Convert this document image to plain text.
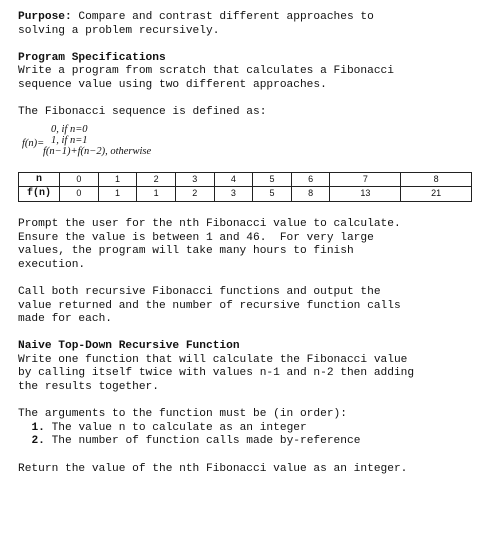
Purpose: Compare and contrast different approaches to
solving a problem recursively.
Program Specifications
Write a program from scratch that calculates a Fibonacci
sequence value using two different approaches.
The Fibonacci sequence is defined as:
f(n)=
0, if n=0
1, if n=1
f(n−1)+f(n−2), otherwise
n	0	1	2	3	4	5	6	7	8
f(n)	0	1	1	2	3	5	8	13	21
Prompt the user for the nth Fibonacci value to calculate.
Ensure the value is between 1 and 46.  For very large
values, the program will take many hours to finish
execution.
Call both recursive Fibonacci functions and output the
value returned and the number of recursive function calls
made for each.
Naive Top-Down Recursive Function
Write one function that will calculate the Fibonacci value
by calling itself twice with values n-1 and n-2 then adding
the results together.
The arguments to the function must be (in order):
1. The value n to calculate as an integer
2. The number of function calls made by-reference
Return the value of the nth Fibonacci value as an integer.
